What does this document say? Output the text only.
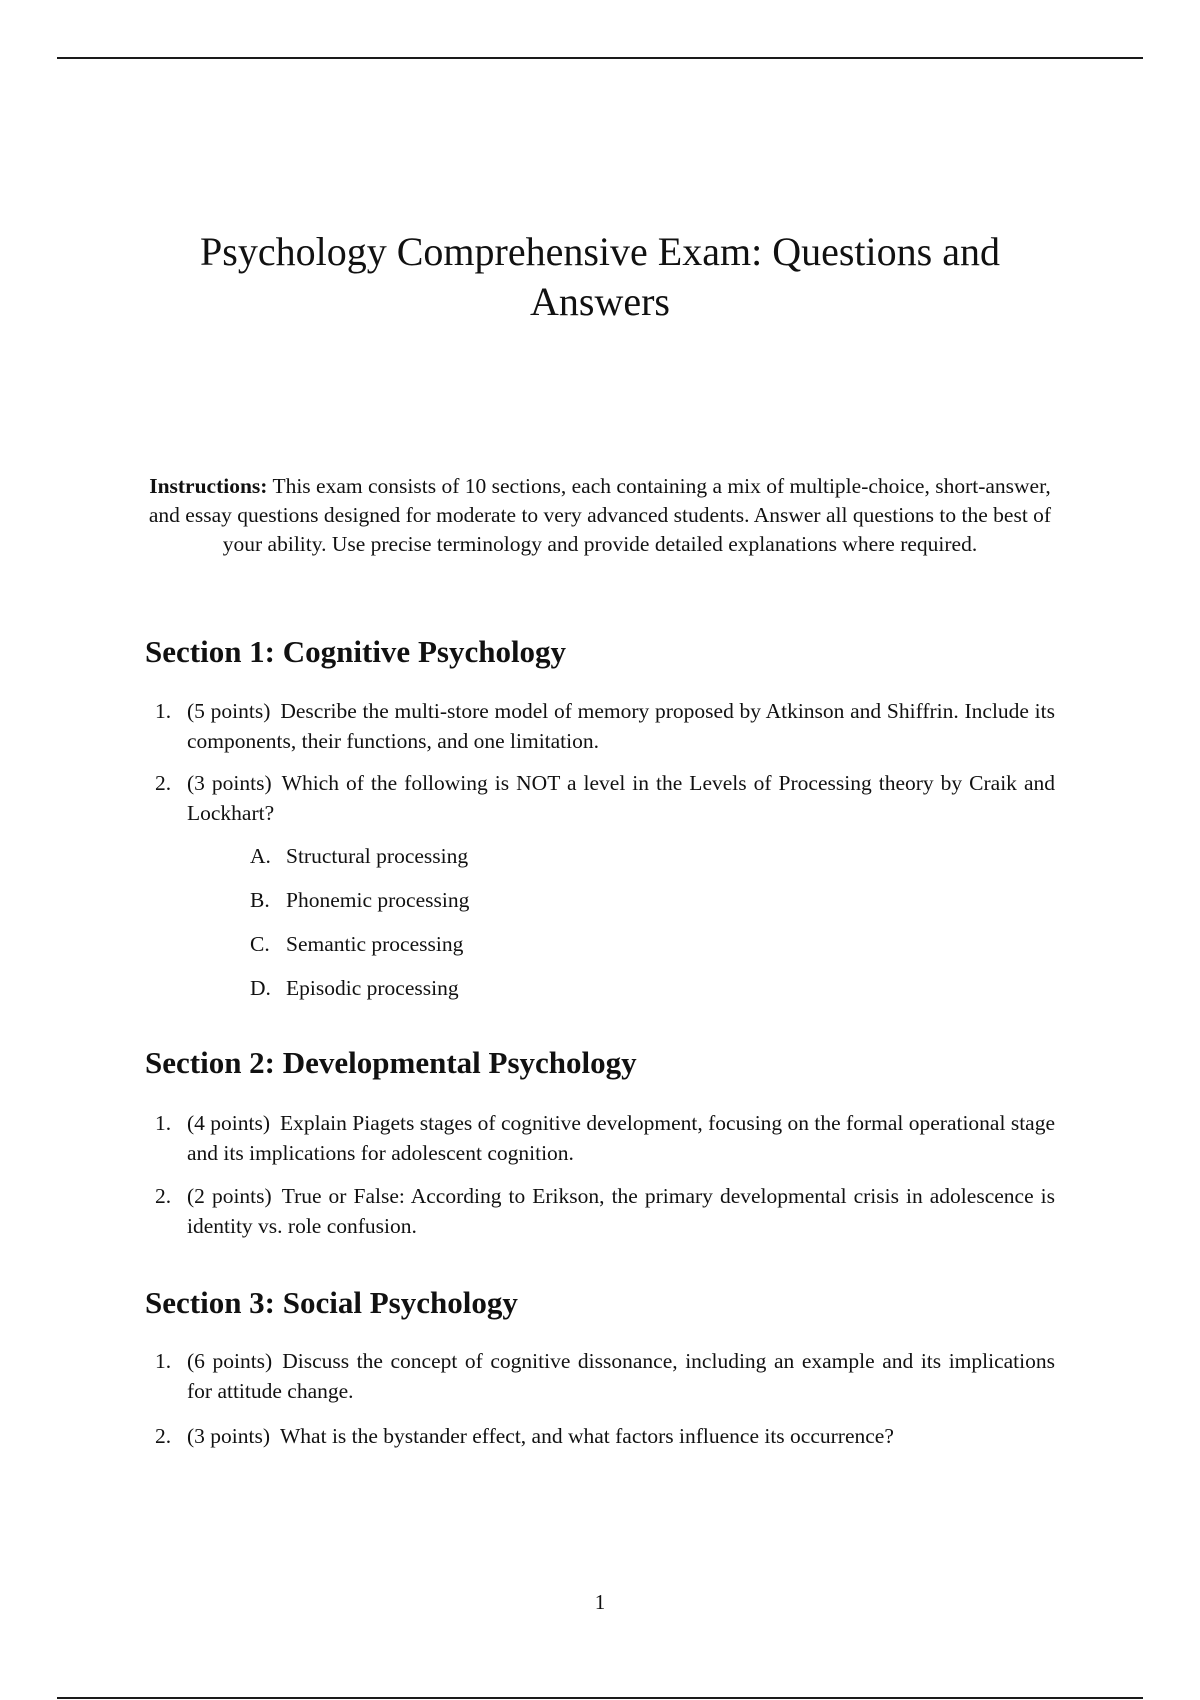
Psychology Comprehensive Exam: Questions and Answers

Instructions: This exam consists of 10 sections, each containing a mix of multiple-choice, short-answer, and essay questions designed for moderate to very advanced students. Answer all questions to the best of your ability. Use precise terminology and provide detailed explanations where required.

Section 1: Cognitive Psychology
1. (5 points) Describe the multi-store model of memory proposed by Atkinson and Shiffrin. Include its components, their functions, and one limitation.
2. (3 points) Which of the following is NOT a level in the Levels of Processing theory by Craik and Lockhart?
A. Structural processing
B. Phonemic processing
C. Semantic processing
D. Episodic processing
Section 2: Developmental Psychology
1. (4 points) Explain Piagets stages of cognitive development, focusing on the formal operational stage and its implications for adolescent cognition.
2. (2 points) True or False: According to Erikson, the primary developmental crisis in adolescence is identity vs. role confusion.
Section 3: Social Psychology
1. (6 points) Discuss the concept of cognitive dissonance, including an example and its implications for attitude change.
2. (3 points) What is the bystander effect, and what factors influence its occurrence?
1
